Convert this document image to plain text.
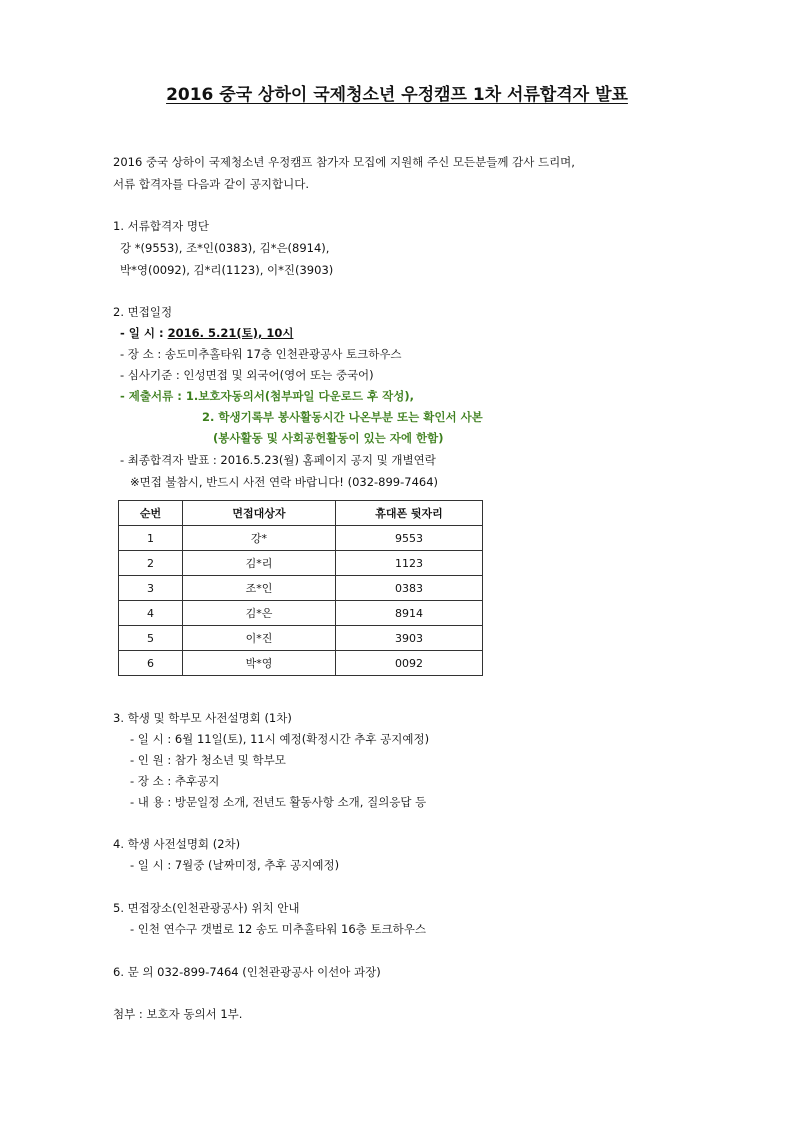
2016 중국 상하이 국제청소년 우정캠프 1차 서류합격자 발표
2016 중국 상하이 국제청소년 우정캠프 참가자 모집에 지원해 주신 모든분들께 감사 드리며,
서류 합격자를 다음과 같이 공지합니다.
1. 서류합격자 명단
강 *(9553), 조*인(0383), 김*은(8914),
박*영(0092), 김*리(1123), 이*진(3903)
2. 면접일정
- 일 시 : 2016. 5.21(토), 10시
- 장 소 : 송도미추홀타워 17층 인천관광공사 토크하우스
- 심사기준 : 인성면접 및 외국어(영어 또는 중국어)
- 제출서류 : 1.보호자동의서(첨부파일 다운로드 후 작성),
2. 학생기록부 봉사활동시간 나온부분 또는 확인서 사본
(봉사활동 및 사회공헌활동이 있는 자에 한함)
- 최종합격자 발표 : 2016.5.23(월) 홈페이지 공지 및 개별연락
※면접 불참시, 반드시 사전 연락 바랍니다! (032-899-7464)
순번	면접대상자	휴대폰 뒷자리
1	강*	9553
2	김*리	1123
3	조*인	0383
4	김*은	8914
5	이*진	3903
6	박*영	0092
3. 학생 및 학부모 사전설명회 (1차)
- 일 시 : 6월 11일(토), 11시 예정(확정시간 추후 공지예정)
- 인 원 : 참가 청소년 및 학부모
- 장 소 : 추후공지
- 내 용 : 방문일정 소개, 전년도 활동사항 소개, 질의응답 등
4. 학생 사전설명회 (2차)
- 일 시 : 7월중 (날짜미정, 추후 공지예정)
5. 면접장소(인천관광공사) 위치 안내
- 인천 연수구 갯벌로 12 송도 미추홀타워 16층 토크하우스
6. 문 의 032-899-7464 (인천관광공사 이선아 과장)
첨부 : 보호자 동의서 1부.
